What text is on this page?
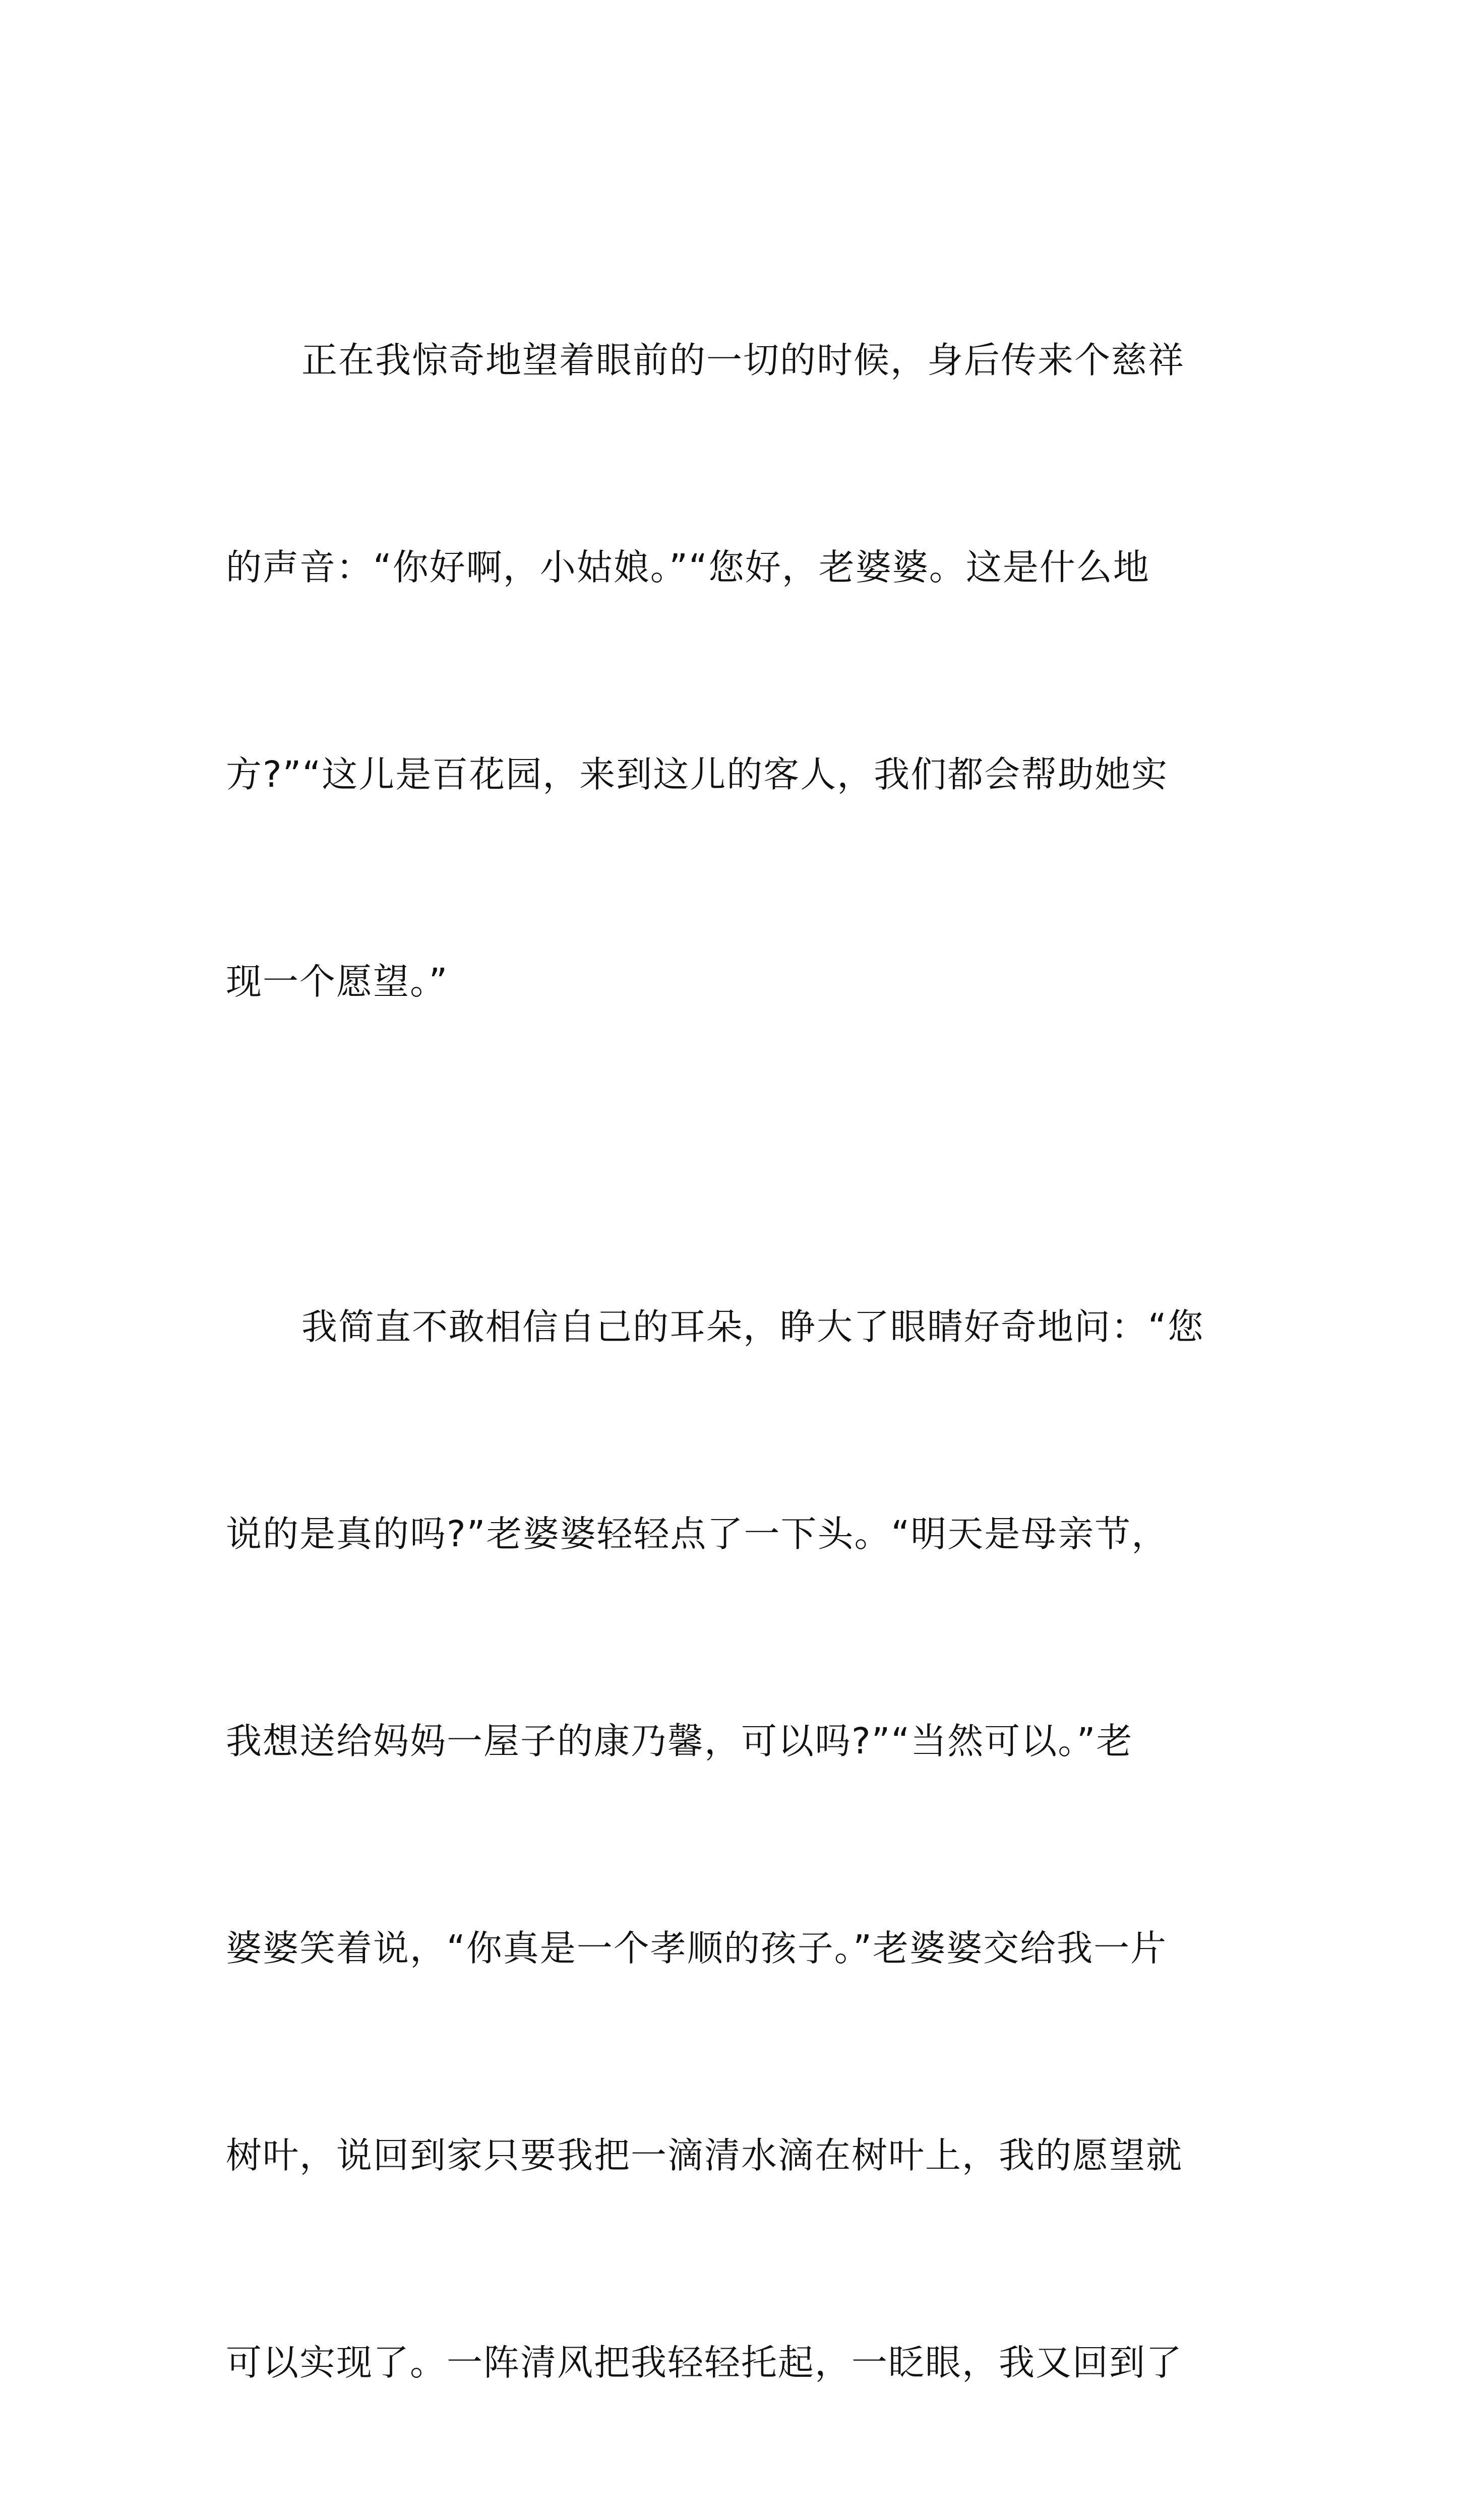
正在我惊奇地望着眼前的一切的时候，身后传来个慈祥

的声音：“你好啊，小姑娘。”“您好，老婆婆。这是什么地

方?”“这儿是百花园，来到这儿的客人，我们都会帮助她实

现一个愿望。”

我简直不敢相信自己的耳朵，睁大了眼睛好奇地问：“您

说的是真的吗?”老婆婆轻轻点了一下头。“明天是母亲节，

我想送给妈妈一屋子的康乃馨，可以吗?”“当然可以。”老

婆婆笑着说，“你真是一个孝顺的孩子。”老婆婆交给我一片

树叶，说回到家只要我把一滴清水滴在树叶上，我的愿望就

可以实现了。一阵清风把我轻轻托起，一眨眼，我又回到了
